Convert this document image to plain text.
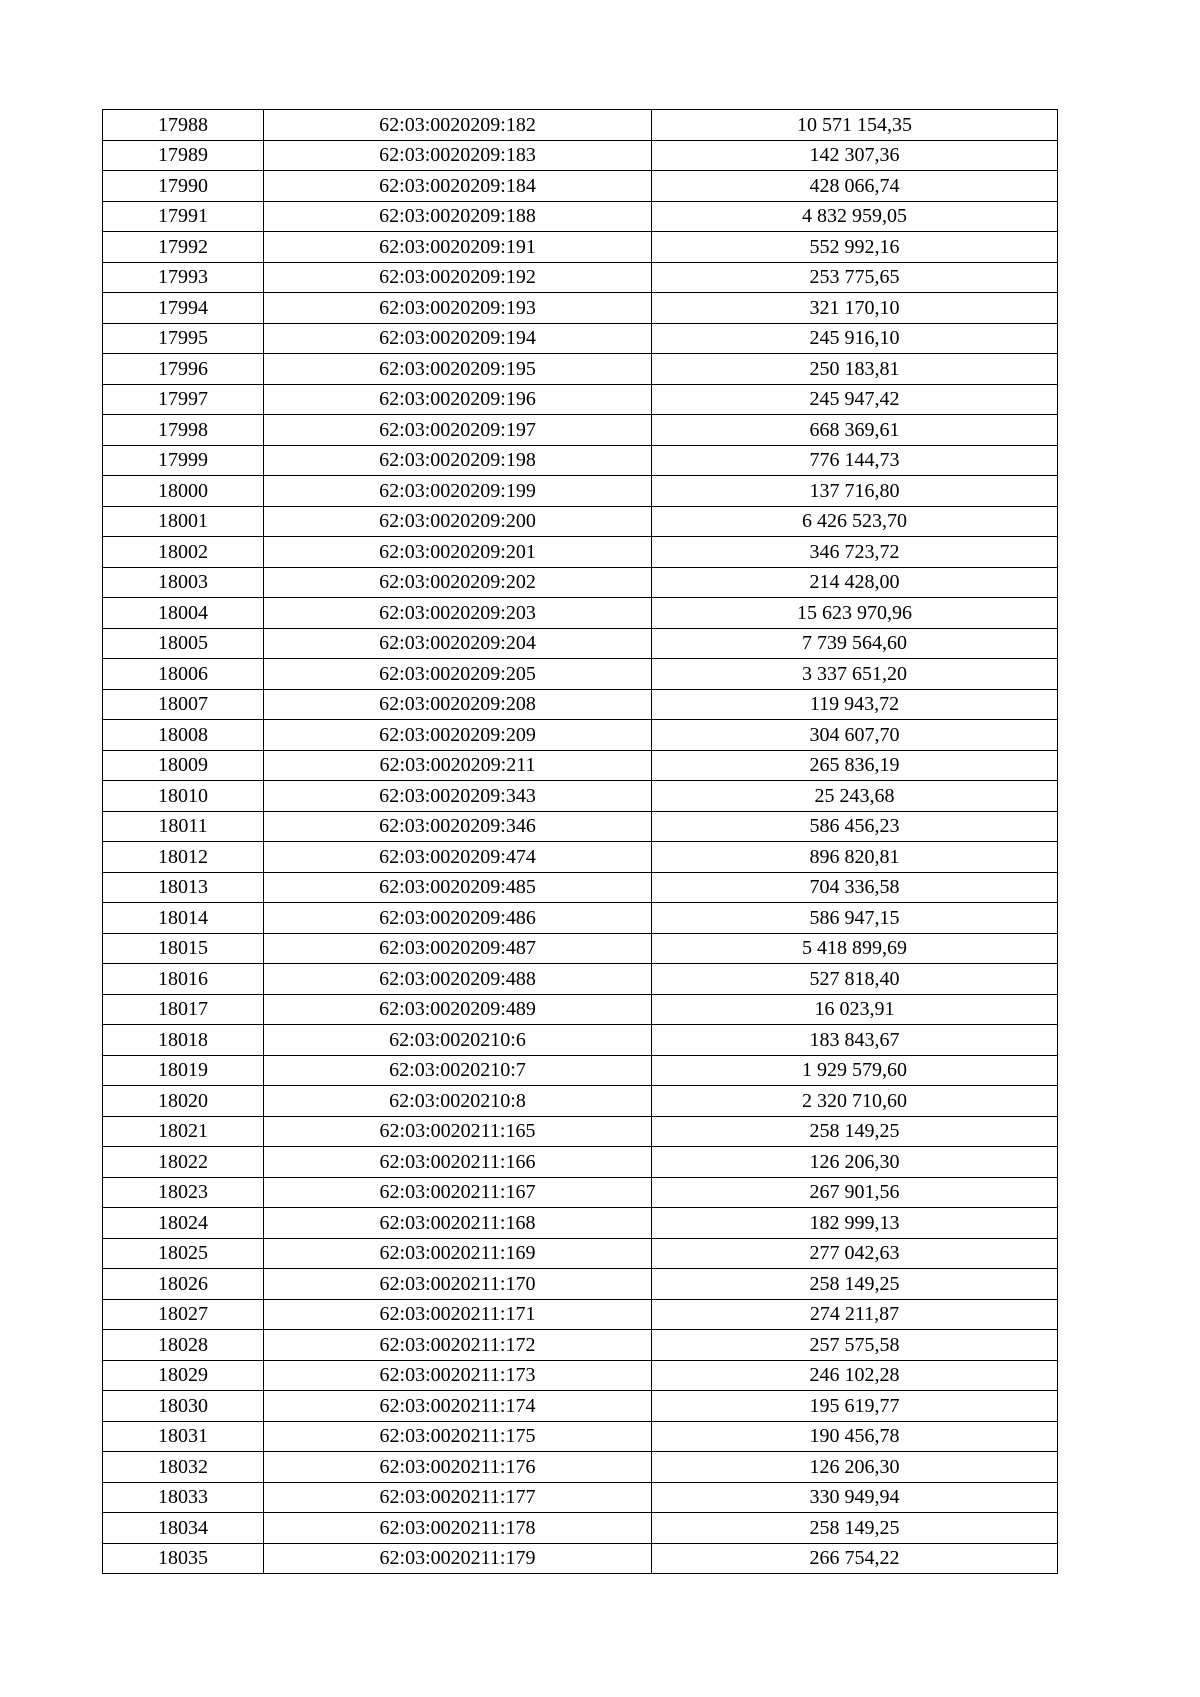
17988	62:03:0020209:182	10 571 154,35
17989	62:03:0020209:183	142 307,36
17990	62:03:0020209:184	428 066,74
17991	62:03:0020209:188	4 832 959,05
17992	62:03:0020209:191	552 992,16
17993	62:03:0020209:192	253 775,65
17994	62:03:0020209:193	321 170,10
17995	62:03:0020209:194	245 916,10
17996	62:03:0020209:195	250 183,81
17997	62:03:0020209:196	245 947,42
17998	62:03:0020209:197	668 369,61
17999	62:03:0020209:198	776 144,73
18000	62:03:0020209:199	137 716,80
18001	62:03:0020209:200	6 426 523,70
18002	62:03:0020209:201	346 723,72
18003	62:03:0020209:202	214 428,00
18004	62:03:0020209:203	15 623 970,96
18005	62:03:0020209:204	7 739 564,60
18006	62:03:0020209:205	3 337 651,20
18007	62:03:0020209:208	119 943,72
18008	62:03:0020209:209	304 607,70
18009	62:03:0020209:211	265 836,19
18010	62:03:0020209:343	25 243,68
18011	62:03:0020209:346	586 456,23
18012	62:03:0020209:474	896 820,81
18013	62:03:0020209:485	704 336,58
18014	62:03:0020209:486	586 947,15
18015	62:03:0020209:487	5 418 899,69
18016	62:03:0020209:488	527 818,40
18017	62:03:0020209:489	16 023,91
18018	62:03:0020210:6	183 843,67
18019	62:03:0020210:7	1 929 579,60
18020	62:03:0020210:8	2 320 710,60
18021	62:03:0020211:165	258 149,25
18022	62:03:0020211:166	126 206,30
18023	62:03:0020211:167	267 901,56
18024	62:03:0020211:168	182 999,13
18025	62:03:0020211:169	277 042,63
18026	62:03:0020211:170	258 149,25
18027	62:03:0020211:171	274 211,87
18028	62:03:0020211:172	257 575,58
18029	62:03:0020211:173	246 102,28
18030	62:03:0020211:174	195 619,77
18031	62:03:0020211:175	190 456,78
18032	62:03:0020211:176	126 206,30
18033	62:03:0020211:177	330 949,94
18034	62:03:0020211:178	258 149,25
18035	62:03:0020211:179	266 754,22
